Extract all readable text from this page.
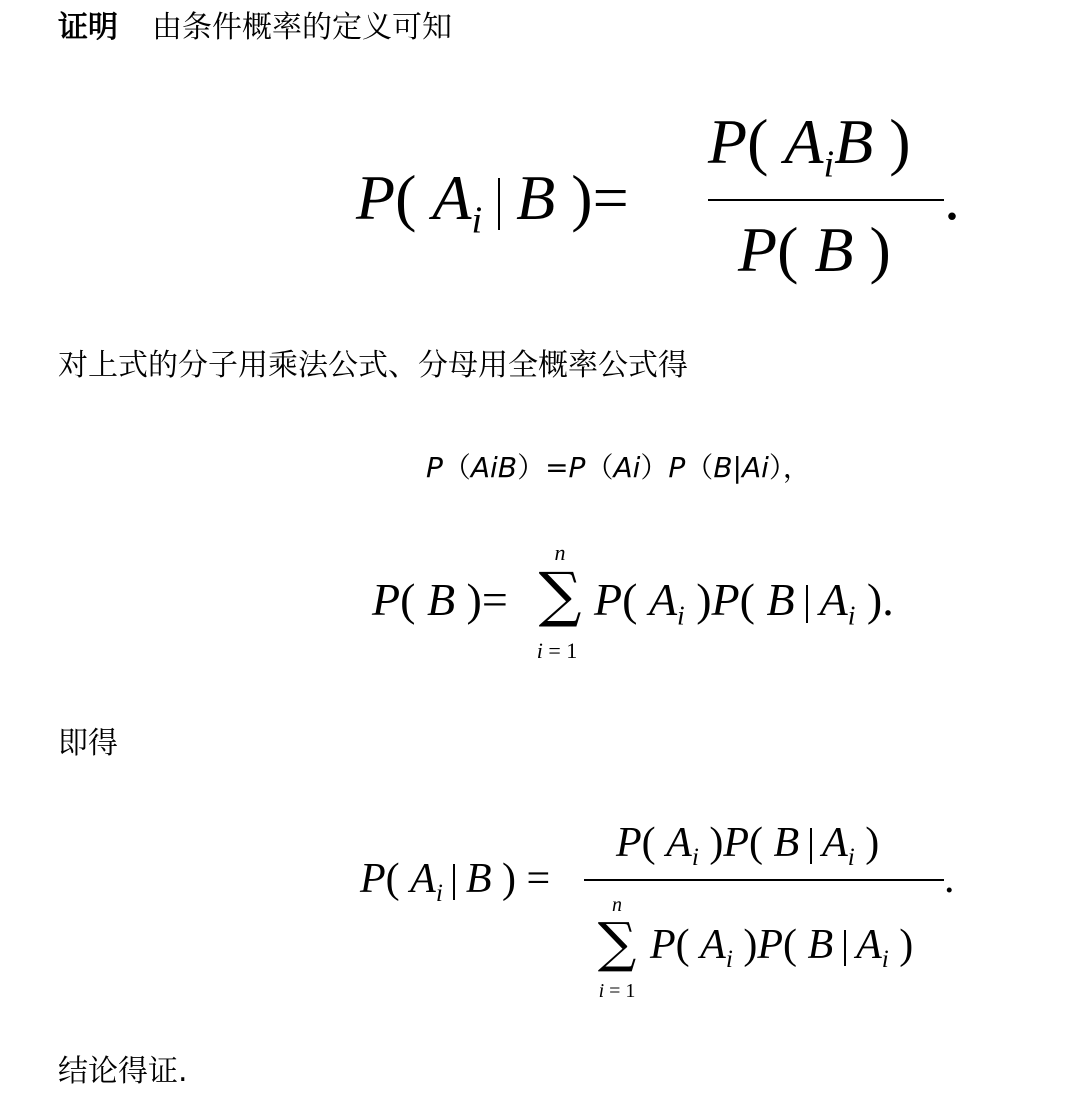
证明 由条件概率的定义可知
P( $A_i$ B )=
P( $A_iB$ )
P( B )
.
对上式的分子用乘法公式、分母用全概率公式得
P（AiB）=P（Ai）P（B|Ai），
P( B )=
n
∑
i = 1
P( $A_i$ )P( B $A_i$ ).
即得
P( $A_i$ B ) =
P( $A_i$ )P( B $A_i$ )
.
n
∑
i = 1
P( $A_i$ )P( B $A_i$ )
结论得证.
